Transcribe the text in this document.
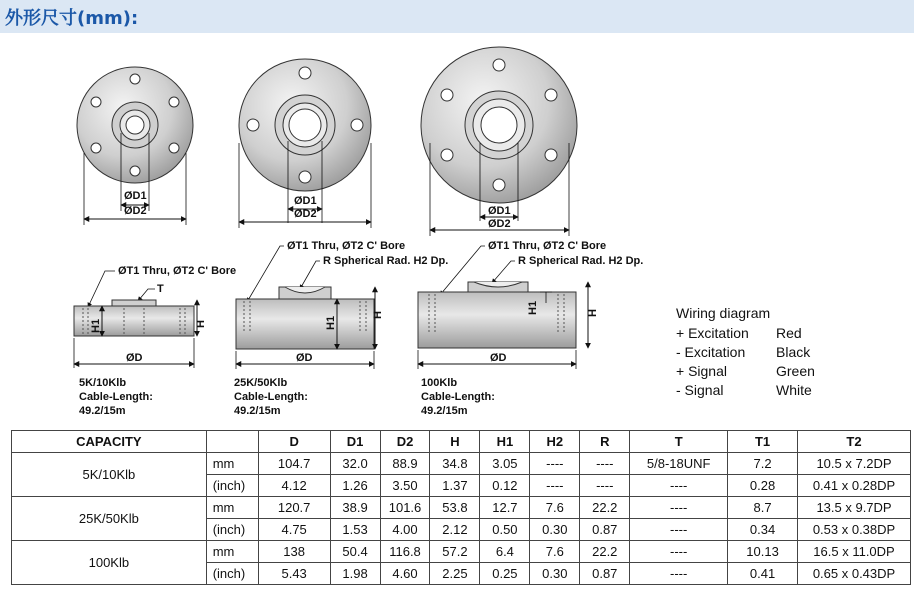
外形尺寸(mm):
ØD1
ØD2
ØD1
ØD2	ØD1
ØD2
ØT1 Thru, ØT2 C' Bore
T
H1	H
ØD
ØT1 Thru, ØT2 C' Bore
R Spherical Rad. H2 Dp.
H1
H
ØD
ØT1 Thru, ØT2 C' Bore
R Spherical Rad. H2 Dp.
H1	H
ØD
5K/10Klb
Cable-Length:
49.2/15m
25K/50Klb
Cable-Length:
49.2/15m
100Klb
Cable-Length:
49.2/15m
Wiring diagram
+ Excitation	Red
- Excitation	Black
+ Signal	Green
- Signal	White
CAPACITY		D	D1	D2	H	H1	H2	R	T	T1	T2
5K/10Klb	mm	104.7	32.0	88.9	34.8	3.05	----	----	5/8-18UNF	7.2	10.5 x 7.2DP
	(inch)	4.12	1.26	3.50	1.37	0.12	----	----	----	0.28	0.41 x 0.28DP
25K/50Klb	mm	120.7	38.9	101.6	53.8	12.7	7.6	22.2	----	8.7	13.5 x 9.7DP
	(inch)	4.75	1.53	4.00	2.12	0.50	0.30	0.87	----	0.34	0.53 x 0.38DP
100Klb	mm	138	50.4	116.8	57.2	6.4	7.6	22.2	----	10.13	16.5 x 11.0DP
	(inch)	5.43	1.98	4.60	2.25	0.25	0.30	0.87	----	0.41	0.65 x 0.43DP
